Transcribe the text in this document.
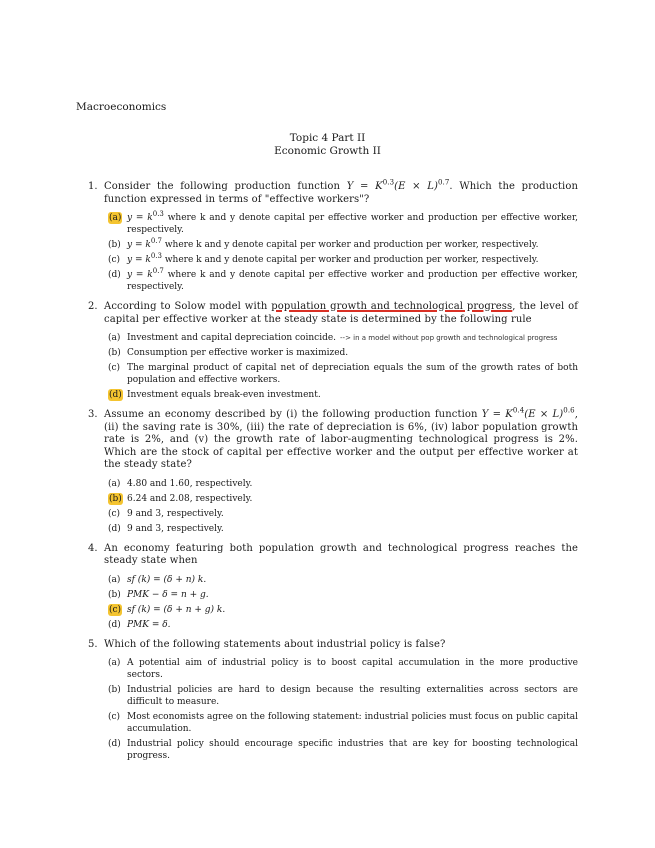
Macroeconomics
Topic 4 Part II
Economic Growth II
1. Consider the following production function $Y = K^{0.3}(E \times L)^{0.7}$. Which the production function expressed in terms of "effective workers"?
(a) $y = k^{0.3}$ where k and y denote capital per effective worker and production per effective worker, respectively.
(b) $y = k^{0.7}$ where k and y denote capital per worker and production per worker, respectively.
(c) $y = k^{0.3}$ where k and y denote capital per worker and production per worker, respectively.
(d) $y = k^{0.7}$ where k and y denote capital per effective worker and production per effective worker, respectively.
2. According to Solow model with population growth and technological progress, the level of capital per effective worker at the steady state is determined by the following rule
(a) Investment and capital depreciation coincide. --> in a model without pop growth and technological progress
(b) Consumption per effective worker is maximized.
(c) The marginal product of capital net of depreciation equals the sum of the growth rates of both population and effective workers.
(d) Investment equals break-even investment.
3. Assume an economy described by (i) the following production function $Y = K^{0.4}(E \times L)^{0.6}$, (ii) the saving rate is 30%, (iii) the rate of depreciation is 6%, (iv) labor population growth rate is 2%, and (v) the growth rate of labor-augmenting technological progress is 2%. Which are the stock of capital per effective worker and the output per effective worker at the steady state?
(a) 4.80 and 1.60, respectively.
(b) 6.24 and 2.08, respectively.
(c) 9 and 3, respectively.
(d) 9 and 3, respectively.
4. An economy featuring both population growth and technological progress reaches the steady state when
(a) sf (k) = (δ + n) k.
(b) PMK − δ = n + g.
(c) sf (k) = (δ + n + g) k.
(d) PMK = δ.
5. Which of the following statements about industrial policy is false?
(a) A potential aim of industrial policy is to boost capital accumulation in the more productive sectors.
(b) Industrial policies are hard to design because the resulting externalities across sectors are difficult to measure.
(c) Most economists agree on the following statement: industrial policies must focus on public capital accumulation.
(d) Industrial policy should encourage specific industries that are key for boosting technological progress.
